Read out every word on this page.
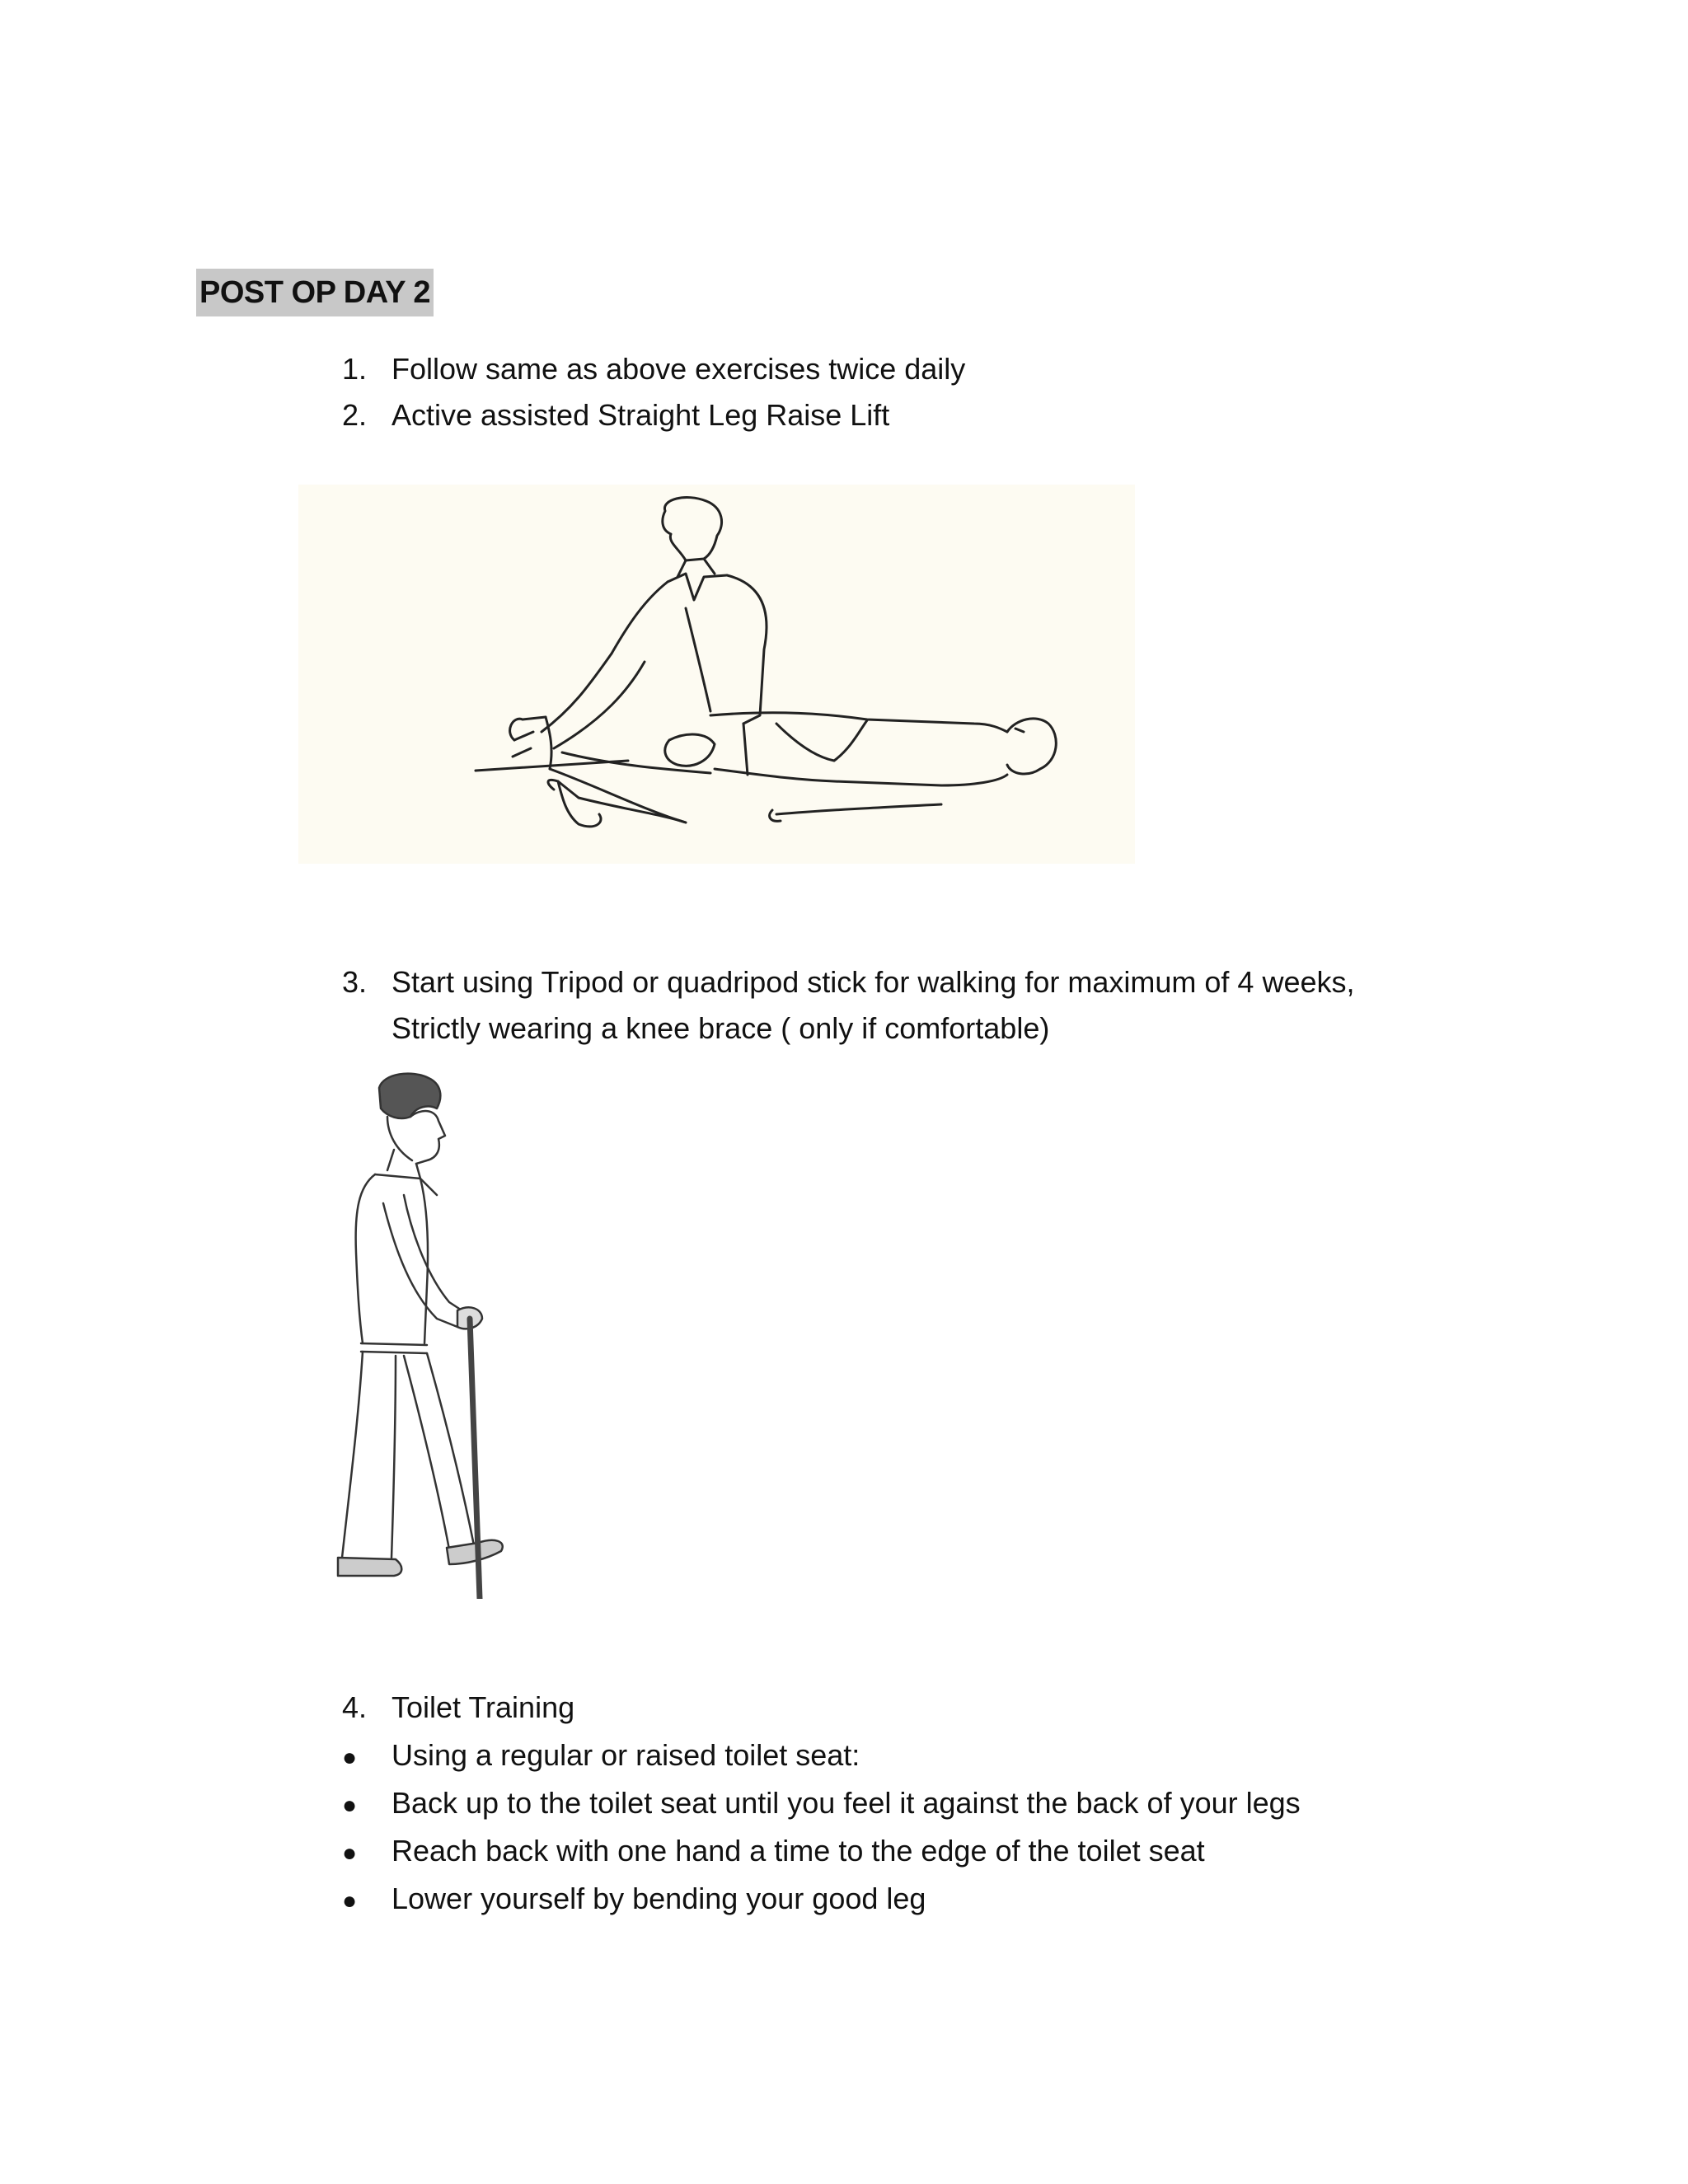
POST OP DAY 2
1. Follow same as above exercises twice daily
2. Active assisted Straight Leg Raise Lift
3. Start using Tripod or quadripod stick for walking for maximum of 4 weeks,
Strictly wearing a knee brace ( only if comfortable)
4. Toilet Training
● Using a regular or raised toilet seat:
● Back up to the toilet seat until you feel it against the back of your legs
● Reach back with one hand a time to the edge of the toilet seat
● Lower yourself by bending your good leg
